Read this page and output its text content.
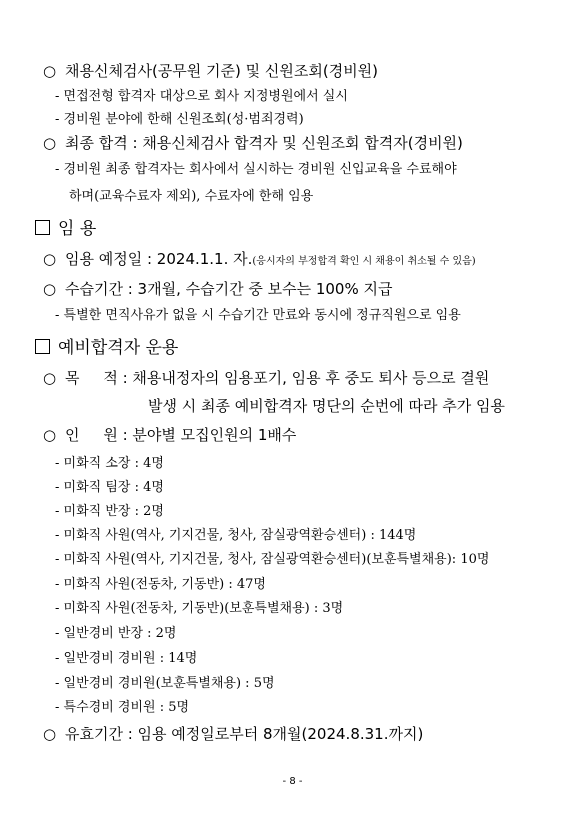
○ 채용신체검사(공무원 기준) 및 신원조회(경비원)
- 면접전형 합격자 대상으로 회사 지정병원에서 실시
- 경비원 분야에 한해 신원조회(성·범죄경력)
○ 최종 합격 : 채용신체검사 합격자 및 신원조회 합격자(경비원)
- 경비원 최종 합격자는 회사에서 실시하는 경비원 신입교육을 수료해야
하며(교육수료자 제외), 수료자에 한해 임용
임 용
○ 임용 예정일 : 2024.1.1. 자.(응시자의 부정합격 확인 시 채용이 취소될 수 있음)
○ 수습기간 : 3개월, 수습기간 중 보수는 100% 지급
- 특별한 면직사유가 없을 시 수습기간 만료와 동시에 정규직원으로 임용
예비합격자 운용
○ 목     적 : 채용내정자의 임용포기, 임용 후 중도 퇴사 등으로 결원
발생 시 최종 예비합격자 명단의 순번에 따라 추가 임용
○ 인     원 : 분야별 모집인원의 1배수
- 미화직 소장 : 4명
- 미화직 팀장 : 4명
- 미화직 반장 : 2명
- 미화직 사원(역사, 기지건물, 청사, 잠실광역환승센터) : 144명
- 미화직 사원(역사, 기지건물, 청사, 잠실광역환승센터)(보훈특별채용): 10명
- 미화직 사원(전동차, 기동반) : 47명
- 미화직 사원(전동차, 기동반)(보훈특별채용) : 3명
- 일반경비 반장 : 2명
- 일반경비 경비원 : 14명
- 일반경비 경비원(보훈특별채용) : 5명
- 특수경비 경비원 : 5명
○ 유효기간 : 임용 예정일로부터 8개월(2024.8.31.까지)
- 8 -
